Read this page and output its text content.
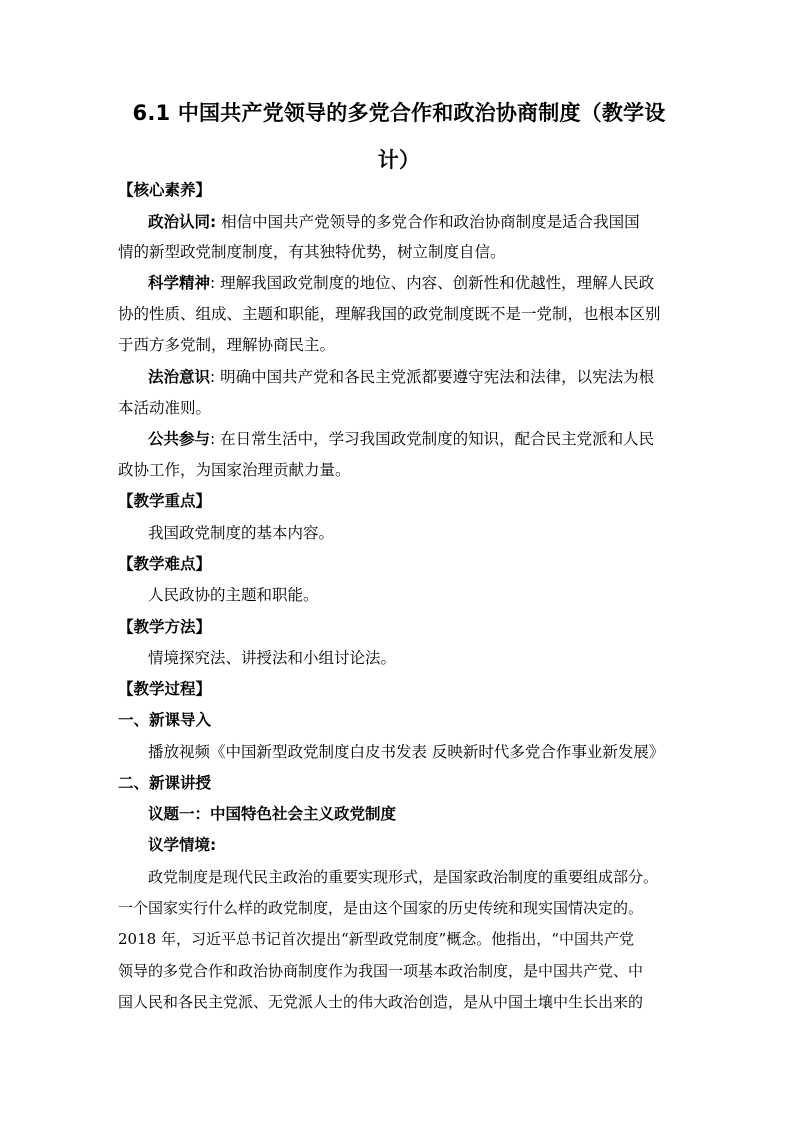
6.1 中国共产党领导的多党合作和政治协商制度（教学设计）
【核心素养】
政治认同: 相信中国共产党领导的多党合作和政治协商制度是适合我国国
情的新型政党制度制度，有其独特优势，树立制度自信。
科学精神: 理解我国政党制度的地位、内容、创新性和优越性，理解人民政
协的性质、组成、主题和职能，理解我国的政党制度既不是一党制，也根本区别
于西方多党制，理解协商民主。
法治意识: 明确中国共产党和各民主党派都要遵守宪法和法律，以宪法为根
本活动准则。
公共参与: 在日常生活中，学习我国政党制度的知识，配合民主党派和人民
政协工作，为国家治理贡献力量。
【教学重点】
我国政党制度的基本内容。
【教学难点】
人民政协的主题和职能。
【教学方法】
情境探究法、讲授法和小组讨论法。
【教学过程】
一、新课导入
播放视频《中国新型政党制度白皮书发表 反映新时代多党合作事业新发展》
二、新课讲授
议题一：中国特色社会主义政党制度
议学情境:
政党制度是现代民主政治的重要实现形式，是国家政治制度的重要组成部分。
一个国家实行什么样的政党制度，是由这个国家的历史传统和现实国情决定的。
2018 年，习近平总书记首次提出“新型政党制度”概念。他指出，“中国共产党
领导的多党合作和政治协商制度作为我国一项基本政治制度，是中国共产党、中
国人民和各民主党派、无党派人士的伟大政治创造，是从中国土壤中生长出来的
